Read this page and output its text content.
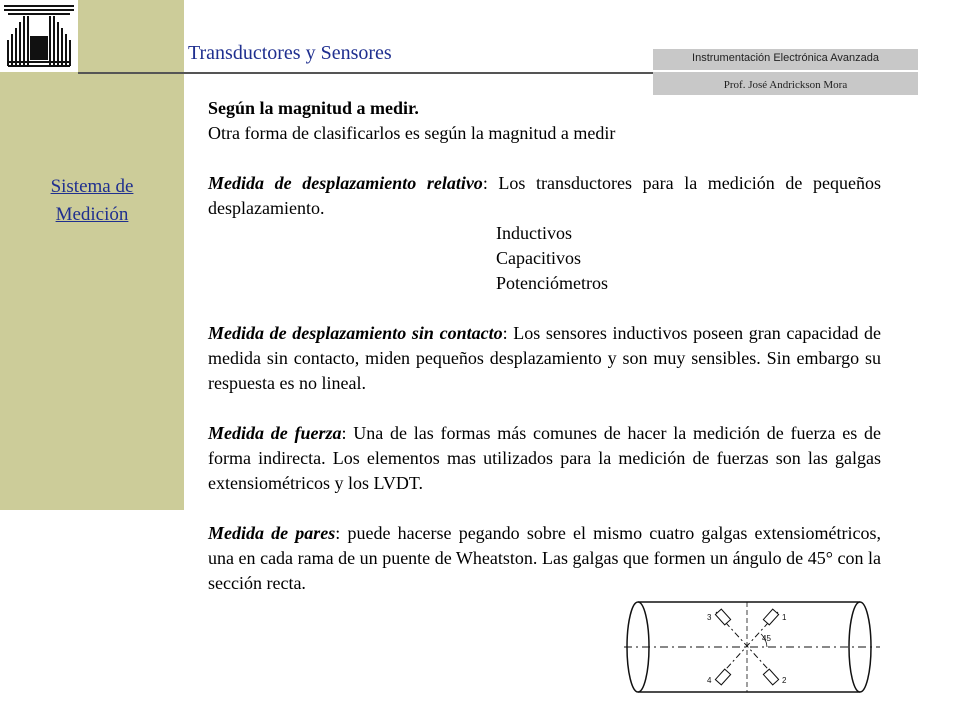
Transductores y Sensores	Instrumentación Electrónica Avanzada
Prof. José Andrickson Mora
Sistema de
Medición

Según la magnitud a medir.

Otra forma de clasificarlos es según la magnitud a medir

Medida de desplazamiento relativo: Los transductores para la medición de pequeños desplazamiento.

Inductivos

Capacitivos

Potenciómetros

Medida de desplazamiento sin contacto: Los sensores inductivos poseen gran capacidad de medida sin contacto, miden pequeños desplazamiento y son muy sensibles. Sin embargo su respuesta es no lineal.

Medida de fuerza: Una de las formas más comunes de hacer la medición de fuerza es de forma indirecta. Los elementos mas utilizados para la medición de fuerzas son las galgas extensiométricos y los LVDT.

Medida de pares: puede hacerse pegando sobre el mismo cuatro galgas extensiométricos, una en cada rama de un puente de Wheatston. Las galgas que formen un ángulo de 45° con la sección recta.

45
1
2
3
4
